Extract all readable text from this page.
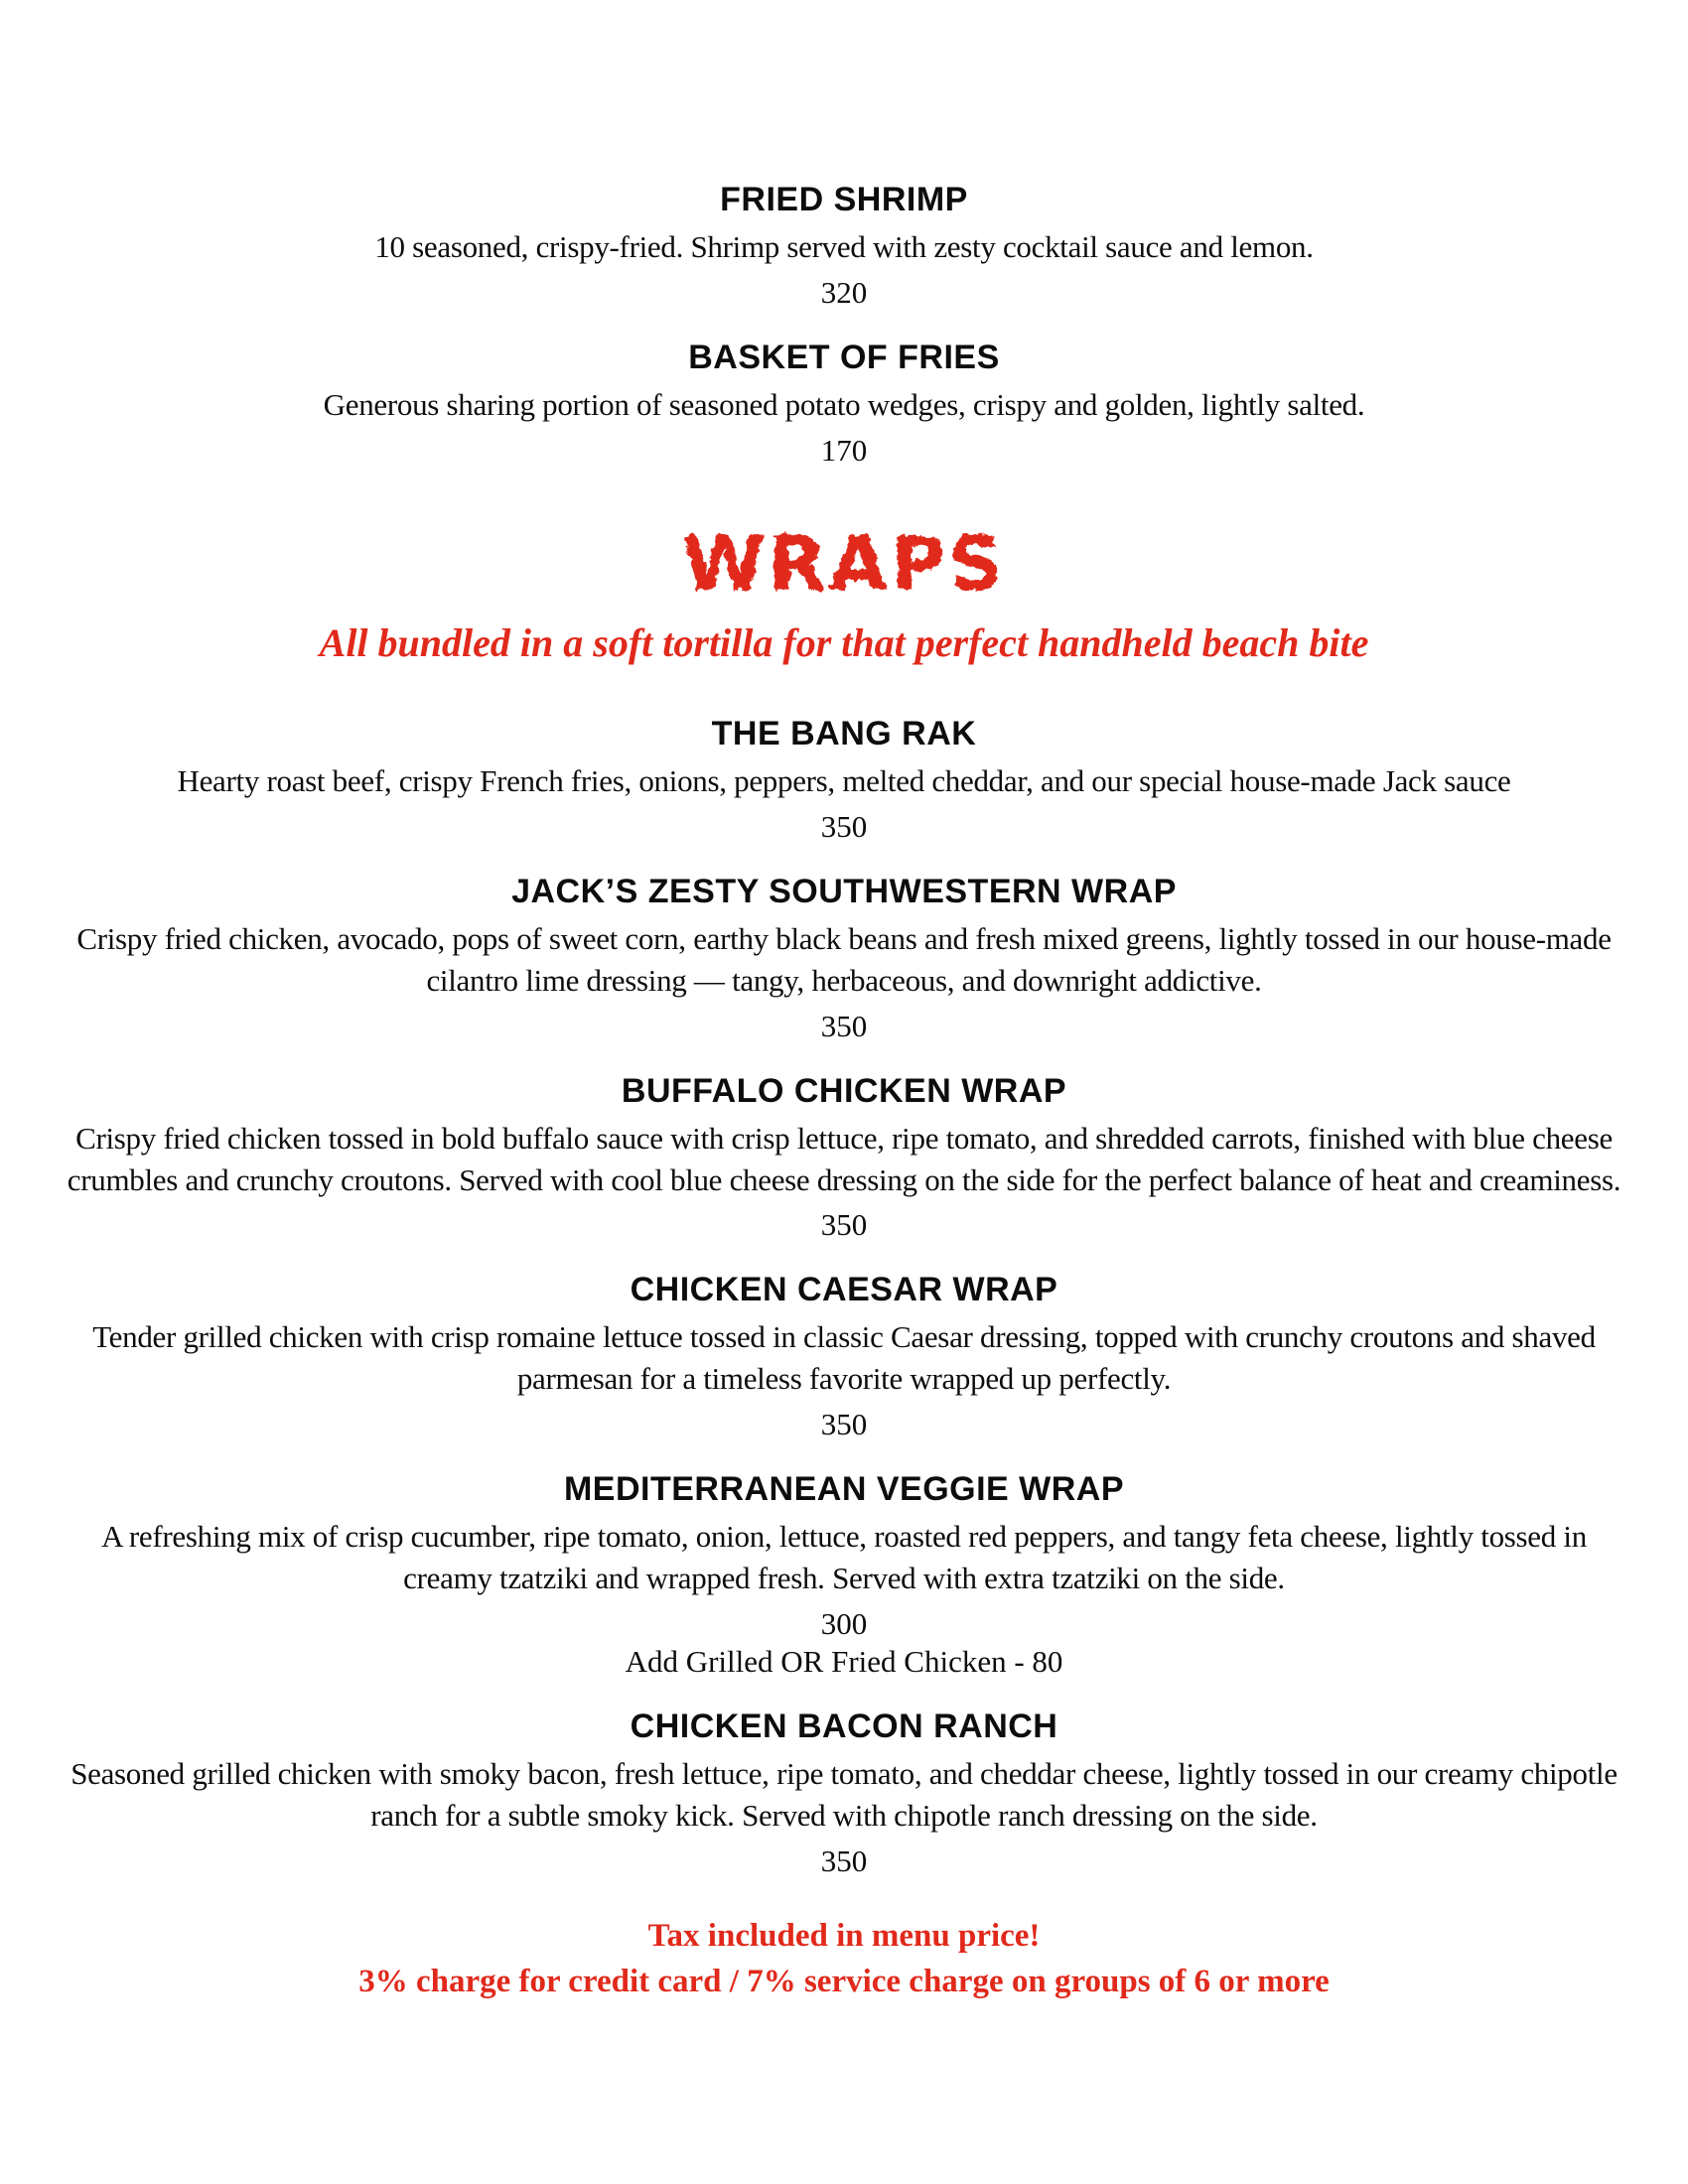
FRIED SHRIMP

10 seasoned, crispy-fried. Shrimp served with zesty cocktail sauce and lemon.

320
BASKET OF FRIES

Generous sharing portion of seasoned potato wedges, crispy and golden, lightly salted.

170
WRAPS
All bundled in a soft tortilla for that perfect handheld beach bite
THE BANG RAK

Hearty roast beef, crispy French fries, onions, peppers, melted cheddar, and our special house-made Jack sauce

350
JACK’S ZESTY SOUTHWESTERN WRAP

Crispy fried chicken, avocado, pops of sweet corn, earthy black beans and fresh mixed greens, lightly tossed in our house-made cilantro lime dressing — tangy, herbaceous, and downright addictive.

350
BUFFALO CHICKEN WRAP

Crispy fried chicken tossed in bold buffalo sauce with crisp lettuce, ripe tomato, and shredded carrots, finished with blue cheese crumbles and crunchy croutons. Served with cool blue cheese dressing on the side for the perfect balance of heat and creaminess.

350
CHICKEN CAESAR WRAP

Tender grilled chicken with crisp romaine lettuce tossed in classic Caesar dressing, topped with crunchy croutons and shaved parmesan for a timeless favorite wrapped up perfectly.

350
MEDITERRANEAN VEGGIE WRAP

A refreshing mix of crisp cucumber, ripe tomato, onion, lettuce, roasted red peppers, and tangy feta cheese, lightly tossed in creamy tzatziki and wrapped fresh. Served with extra tzatziki on the side.

300
Add Grilled OR Fried Chicken - 80
CHICKEN BACON RANCH

Seasoned grilled chicken with smoky bacon, fresh lettuce, ripe tomato, and cheddar cheese, lightly tossed in our creamy chipotle ranch for a subtle smoky kick. Served with chipotle ranch dressing on the side.

350
Tax included in menu price!
3% charge for credit card / 7% service charge on groups of 6 or more
